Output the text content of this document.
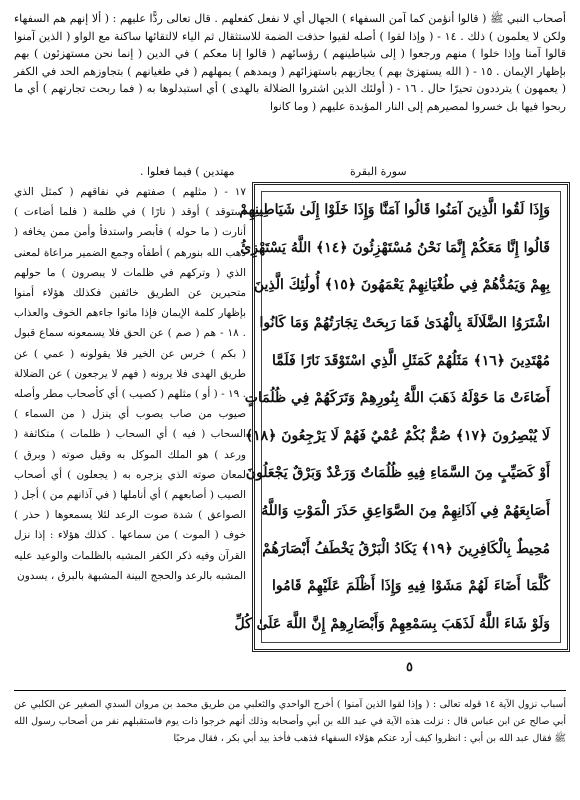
أصحاب النبي ﷺ ( قالوا أنؤمن كما آمن السفهاء ) الجهال أي لا نفعل كفعلهم . قال تعالى ردًّا عليهم : ( ألا إنهم هم السفهاء ولكن لا يعلمون ) ذلك . ١٤ - ( وإذا لقوا ) أصله لقيوا حذفت الضمة للاستثقال ثم الياء لالتقائها ساكنة مع الواو ( الذين آمنوا قالوا آمنا وإذا خلوا ) منهم ورجعوا ( إلى شياطينهم ) رؤسائهم ( قالوا إنا معكم ) في الدين ( إنما نحن مستهزئون ) بهم بإظهار الإيمان . ١٥ - ( الله يستهزئ بهم ) يجازيهم باستهزائهم ( ويمدهم ) يمهلهم ( في طغيانهم ) بتجاوزهم الحد في الكفر ( يعمهون ) يترددون تحيرًا حال . ١٦ - ( أولئك الذين اشتروا الضلالة بالهدى ) أي استبدلوها به ( فما ربحت تجارتهم ) أي ما ربحوا فيها بل خسروا لمصيرهم إلى النار المؤبدة عليهم ( وما كانوا

مهتدين ) فيما فعلوا .	سورة البقرة

١٧ - ( مثلهم ) صفتهم في نفاقهم ( كمثل الذي استوقد ) أوقد ( نارًا ) في ظلمة ( فلما أضاءت ) أنارت ( ما حوله ) فأبصر واستدفأ وأمن ممن يخافه ( ذهب الله بنورهم ) أطفأه وجمع الضمير مراعاة لمعنى الذي ( وتركهم في ظلمات لا يبصرون ) ما حولهم متحيرين عن الطريق خائفين فكذلك هؤلاء أمنوا بإظهار كلمة الإيمان فإذا ماتوا جاءهم الخوف والعذاب . ١٨ - هم ( صم ) عن الحق فلا يسمعونه سماع قبول ( بكم ) خرس عن الخير فلا يقولونه ( عمي ) عن طريق الهدى فلا يرونه ( فهم لا يرجعون ) عن الضلالة . ١٩ - ( أو ) مثلهم ( كصيب ) أي كأصحاب مطر وأصله صيوب من صاب يصوب أي ينزل ( من السماء ) السحاب ( فيه ) أي السحاب ( ظلمات ) متكاثفة ( ورعد ) هو الملك الموكل به وقيل صوته ( وبرق ) لمعان صوته الذي يزجره به ( يجعلون ) أي أصحاب الصيب ( أصابعهم ) أي أناملها ( في آذانهم من ) أجل ( الصواعق ) شدة صوت الرعد لئلا يسمعوها ( حذر ) خوف ( الموت ) من سماعها . كذلك هؤلاء : إذا نزل القرآن وفيه ذكر الكفر المشبه بالظلمات والوعيد عليه المشبه بالرعد والحجج البينة المشبهة بالبرق ، يسدون

وَإِذَا لَقُوا الَّذِينَ آمَنُوا قَالُوا آمَنَّا وَإِذَا خَلَوْا إِلَىٰ شَيَاطِينِهِمْ
قَالُوا إِنَّا مَعَكُمْ إِنَّمَا نَحْنُ مُسْتَهْزِئُونَ ﴿١٤﴾ اللَّهُ يَسْتَهْزِئُ
بِهِمْ وَيَمُدُّهُمْ فِي طُغْيَانِهِمْ يَعْمَهُونَ ﴿١٥﴾ أُولَٰئِكَ الَّذِينَ
اشْتَرَوُا الضَّلَالَةَ بِالْهُدَىٰ فَمَا رَبِحَتْ تِجَارَتُهُمْ وَمَا كَانُوا
مُهْتَدِينَ ﴿١٦﴾ مَثَلُهُمْ كَمَثَلِ الَّذِي اسْتَوْقَدَ نَارًا فَلَمَّا
أَضَاءَتْ مَا حَوْلَهُ ذَهَبَ اللَّهُ بِنُورِهِمْ وَتَرَكَهُمْ فِي ظُلُمَاتٍ
لَا يُبْصِرُونَ ﴿١٧﴾ صُمٌّ بُكْمٌ عُمْيٌ فَهُمْ لَا يَرْجِعُونَ ﴿١٨﴾
أَوْ كَصَيِّبٍ مِنَ السَّمَاءِ فِيهِ ظُلُمَاتٌ وَرَعْدٌ وَبَرْقٌ يَجْعَلُونَ
أَصَابِعَهُمْ فِي آذَانِهِمْ مِنَ الصَّوَاعِقِ حَذَرَ الْمَوْتِ وَاللَّهُ
مُحِيطٌ بِالْكَافِرِينَ ﴿١٩﴾ يَكَادُ الْبَرْقُ يَخْطَفُ أَبْصَارَهُمْ
كُلَّمَا أَضَاءَ لَهُمْ مَشَوْا فِيهِ وَإِذَا أَظْلَمَ عَلَيْهِمْ قَامُوا
وَلَوْ شَاءَ اللَّهُ لَذَهَبَ بِسَمْعِهِمْ وَأَبْصَارِهِمْ إِنَّ اللَّهَ عَلَىٰ كُلِّ
٥

أسباب نزول الآية ١٤ قوله تعالى : ( وإذا لقوا الذين آمنوا ) أخرج الواحدي والثعلبي من طريق محمد بن مروان السدي الصغير عن الكلبي عن أبي صالح عن ابن عباس قال : نزلت هذه الآية في عبد الله بن أبي وأصحابه وذلك أنهم خرجوا ذات يوم فاستقبلهم نفر من أصحاب رسول الله ﷺ فقال عبد الله بن أبي : انظروا كيف أرد عنكم هؤلاء السفهاء فذهب فأخذ بيد أبي بكر ، فقال مرحبًا
